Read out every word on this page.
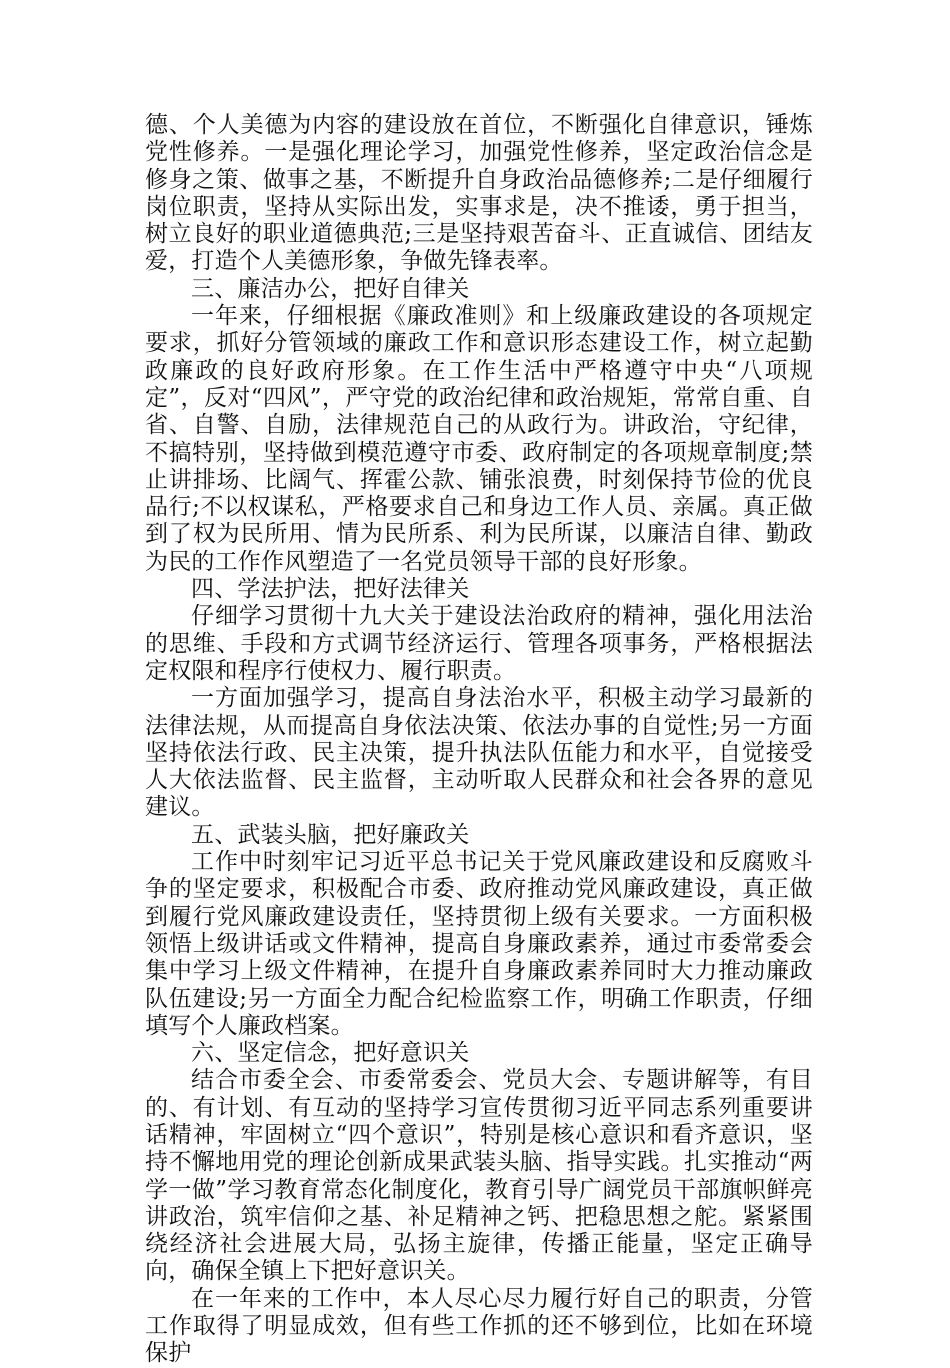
德、个人美德为内容的建设放在首位，不断强化自律意识，锤炼党性修养。一是强化理论学习，加强党性修养，坚定政治信念是修身之策、做事之基，不断提升自身政治品德修养;二是仔细履行岗位职责，坚持从实际出发，实事求是，决不推诿，勇于担当，树立良好的职业道德典范;三是坚持艰苦奋斗、正直诚信、团结友爱，打造个人美德形象，争做先锋表率。

三、廉洁办公，把好自律关

一年来，仔细根据《廉政准则》和上级廉政建设的各项规定要求，抓好分管领域的廉政工作和意识形态建设工作，树立起勤政廉政的良好政府形象。在工作生活中严格遵守中央“八项规定”，反对“四风”，严守党的政治纪律和政治规矩，常常自重、自省、自警、自励，法律规范自己的从政行为。讲政治，守纪律，不搞特别，坚持做到模范遵守市委、政府制定的各项规章制度;禁止讲排场、比阔气、挥霍公款、铺张浪费，时刻保持节俭的优良品行;不以权谋私，严格要求自己和身边工作人员、亲属。真正做到了权为民所用、情为民所系、利为民所谋，以廉洁自律、勤政为民的工作作风塑造了一名党员领导干部的良好形象。

四、学法护法，把好法律关

仔细学习贯彻十九大关于建设法治政府的精神，强化用法治的思维、手段和方式调节经济运行、管理各项事务，严格根据法定权限和程序行使权力、履行职责。

一方面加强学习，提高自身法治水平，积极主动学习最新的法律法规，从而提高自身依法决策、依法办事的自觉性;另一方面坚持依法行政、民主决策，提升执法队伍能力和水平，自觉接受人大依法监督、民主监督，主动听取人民群众和社会各界的意见建议。

五、武装头脑，把好廉政关

工作中时刻牢记习近平总书记关于党风廉政建设和反腐败斗争的坚定要求，积极配合市委、政府推动党风廉政建设，真正做到履行党风廉政建设责任，坚持贯彻上级有关要求。一方面积极领悟上级讲话或文件精神，提高自身廉政素养，通过市委常委会集中学习上级文件精神，在提升自身廉政素养同时大力推动廉政队伍建设;另一方面全力配合纪检监察工作，明确工作职责，仔细填写个人廉政档案。

六、坚定信念，把好意识关

结合市委全会、市委常委会、党员大会、专题讲解等，有目的、有计划、有互动的坚持学习宣传贯彻习近平同志系列重要讲话精神，牢固树立“四个意识”，特别是核心意识和看齐意识，坚持不懈地用党的理论创新成果武装头脑、指导实践。扎实推动“两学一做”学习教育常态化制度化，教育引导广阔党员干部旗帜鲜亮讲政治，筑牢信仰之基、补足精神之钙、把稳思想之舵。紧紧围绕经济社会进展大局，弘扬主旋律，传播正能量，坚定正确导向，确保全镇上下把好意识关。

在一年来的工作中，本人尽心尽力履行好自己的职责，分管工作取得了明显成效，但有些工作抓的还不够到位，比如在环境保护
